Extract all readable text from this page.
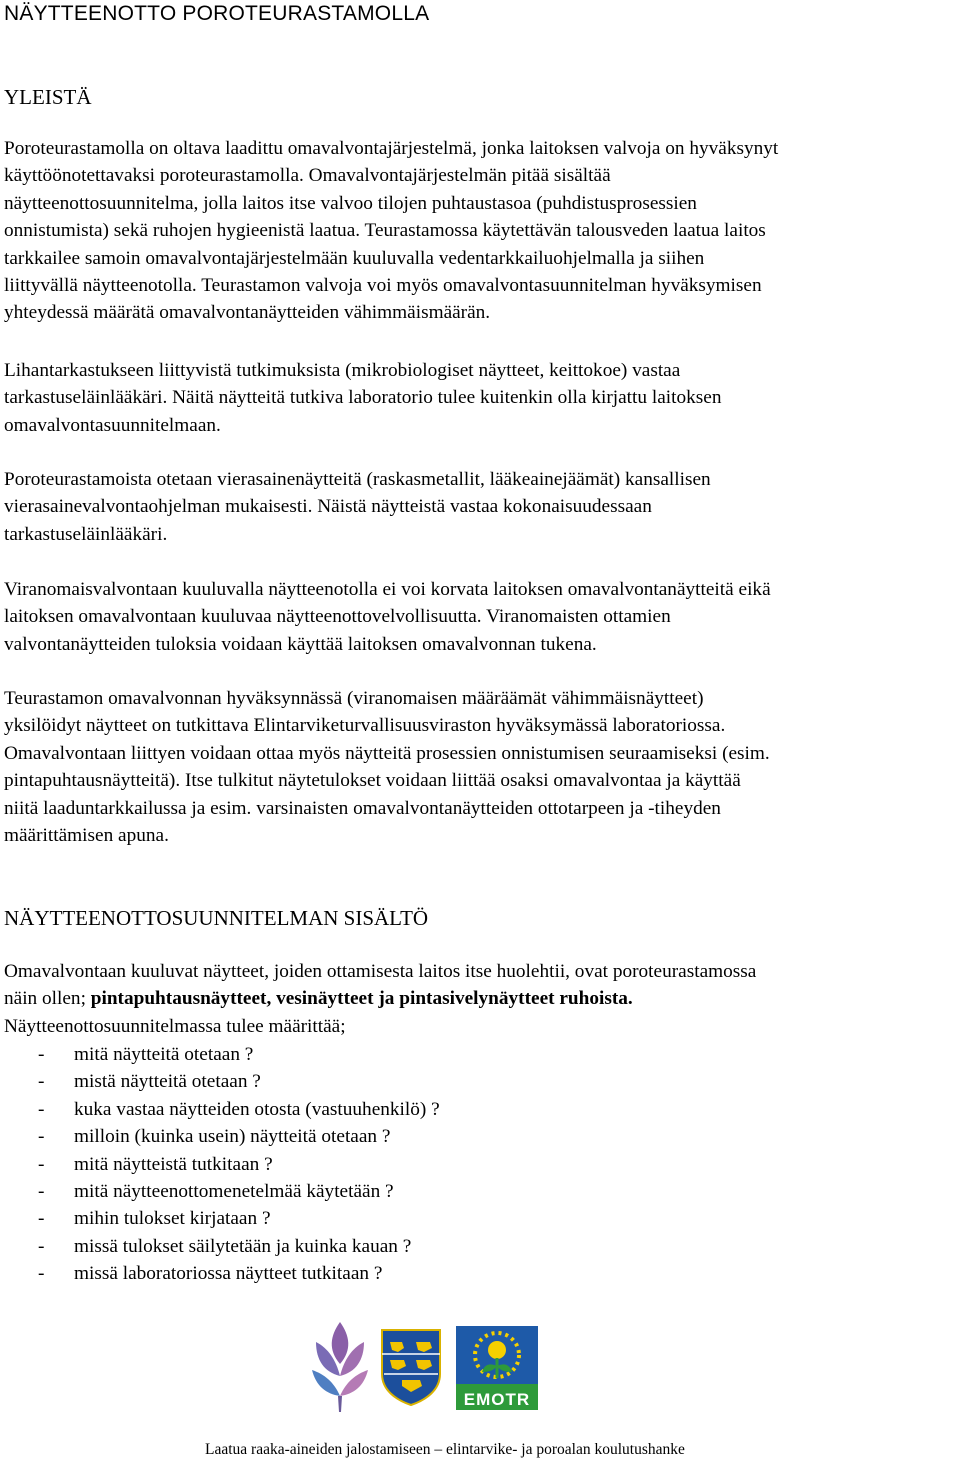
NÄYTTEENOTTO POROTEURASTAMOLLA
YLEISTÄ

Poroteurastamolla on oltava laadittu omavalvontajärjestelmä, jonka laitoksen valvoja on hyväksynyt
käyttöönotettavaksi poroteurastamolla. Omavalvontajärjestelmän pitää sisältää
näytteenottosuunnitelma, jolla laitos itse valvoo tilojen puhtaustasoa (puhdistusprosessien
onnistumista) sekä ruhojen hygieenistä laatua. Teurastamossa käytettävän talousveden laatua laitos
tarkkailee samoin omavalvontajärjestelmään kuuluvalla vedentarkkailuohjelmalla ja siihen
liittyvällä näytteenotolla. Teurastamon valvoja voi myös omavalvontasuunnitelman hyväksymisen
yhteydessä määrätä omavalvontanäytteiden vähimmäismäärän.

Lihantarkastukseen liittyvistä tutkimuksista (mikrobiologiset näytteet, keittokoe) vastaa
tarkastuseläinlääkäri. Näitä näytteitä tutkiva laboratorio tulee kuitenkin olla kirjattu laitoksen
omavalvontasuunnitelmaan.

Poroteurastamoista otetaan vierasainenäytteitä (raskasmetallit, lääkeainejäämät) kansallisen
vierasainevalvontaohjelman mukaisesti. Näistä näytteistä vastaa kokonaisuudessaan
tarkastuseläinlääkäri.

Viranomaisvalvontaan kuuluvalla näytteenotolla ei voi korvata laitoksen omavalvontanäytteitä eikä
laitoksen omavalvontaan kuuluvaa näytteenottovelvollisuutta. Viranomaisten ottamien
valvontanäytteiden tuloksia voidaan käyttää laitoksen omavalvonnan tukena.

Teurastamon omavalvonnan hyväksynnässä (viranomaisen määräämät vähimmäisnäytteet)
yksilöidyt näytteet on tutkittava Elintarviketurvallisuusviraston hyväksymässä laboratoriossa.
Omavalvontaan liittyen voidaan ottaa myös näytteitä prosessien onnistumisen seuraamiseksi (esim.
pintapuhtausnäytteitä). Itse tulkitut näytetulokset voidaan liittää osaksi omavalvontaa ja käyttää
niitä laaduntarkkailussa ja esim. varsinaisten omavalvontanäytteiden ottotarpeen ja -tiheyden
määrittämisen apuna.

NÄYTTEENOTTOSUUNNITELMAN SISÄLTÖ

Omavalvontaan kuuluvat näytteet, joiden ottamisesta laitos itse huolehtii, ovat poroteurastamossa
näin ollen; pintapuhtausnäytteet, vesinäytteet ja pintasivelynäytteet ruhoista.
Näytteenottosuunnitelmassa tulee määrittää;

- mitä näytteitä otetaan ?
- mistä näytteitä otetaan ?
- kuka vastaa näytteiden otosta (vastuuhenkilö) ?
- milloin (kuinka usein) näytteitä otetaan ?
- mitä näytteistä tutkitaan ?
- mitä näytteenottomenetelmää käytetään ?
- mihin tulokset kirjataan ?
- missä tulokset säilytetään ja kuinka kauan ?
- missä laboratoriossa näytteet tutkitaan ?
EMOTR
Laatua raaka-aineiden jalostamiseen – elintarvike- ja poroalan koulutushanke
